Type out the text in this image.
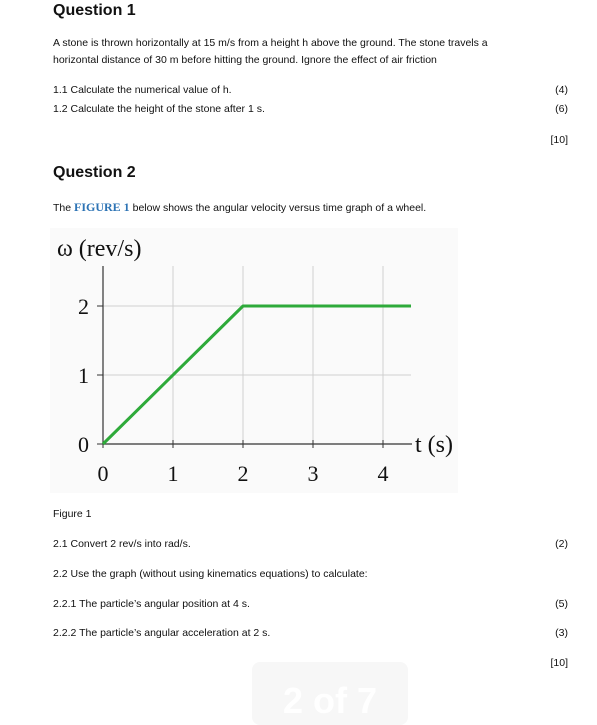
Question 1
A stone is thrown horizontally at 15 m/s from a height h above the ground. The stone travels a
horizontal distance of 30 m before hitting the ground. Ignore the effect of air friction
1.1 Calculate the numerical value of h.	(4)
1.2 Calculate the height of the stone after 1 s.	(6)
[10]
Question 2
The FIGURE 1 below shows the angular velocity versus time graph of a wheel.
0	1	2	3	4
0
1
2
ω (rev/s)
t (s)
Figure 1
2.1 Convert 2 rev/s into rad/s.	(2)
2.2 Use the graph (without using kinematics equations) to calculate:
2.2.1 The particle’s angular position at 4 s.	(5)
2.2.2 The particle’s angular acceleration at 2 s.	(3)
[10]
2 of 7
